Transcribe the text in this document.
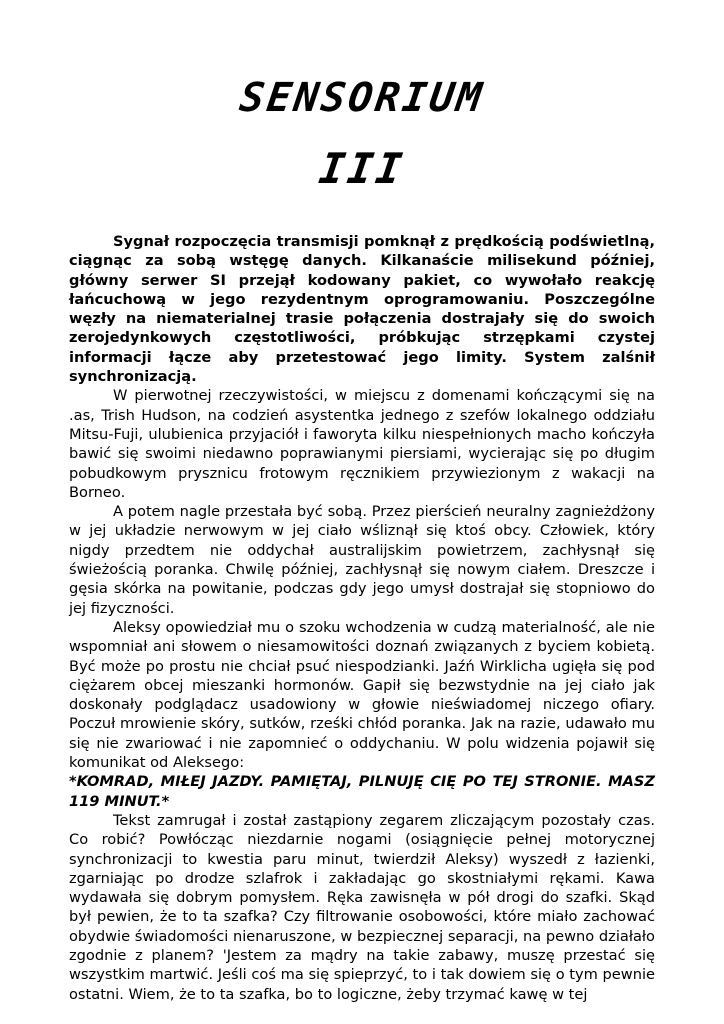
SENSORIUM
III

Sygnał rozpoczęcia transmisji pomknął z prędkością podświetlną, ciągnąc za sobą wstęgę danych. Kilkanaście milisekund później, główny serwer SI przejął kodowany pakiet, co wywołało reakcję łańcuchową w jego rezydentnym oprogramowaniu. Poszczególne węzły na niematerialnej trasie połączenia dostrajały się do swoich zerojedynkowych częstotliwości, próbkując strzępkami czystej informacji łącze aby przetestować jego limity. System zalśnił synchronizacją.

W pierwotnej rzeczywistości, w miejscu z domenami kończącymi się na .as, Trish Hudson, na codzień asystentka jednego z szefów lokalnego oddziału Mitsu-Fuji, ulubienica przyjaciół i faworyta kilku niespełnionych macho kończyła bawić się swoimi niedawno poprawianymi piersiami, wycierając się po długim pobudkowym prysznicu frotowym ręcznikiem przywiezionym z wakacji na Borneo.

A potem nagle przestała być sobą. Przez pierścień neuralny zagnieżdżony w jej układzie nerwowym w jej ciało wśliznął się ktoś obcy. Człowiek, który nigdy przedtem nie oddychał australijskim powietrzem, zachłysnął się świeżością poranka. Chwilę później, zachłysnął się nowym ciałem. Dreszcze i gęsia skórka na powitanie, podczas gdy jego umysł dostrajał się stopniowo do jej fizyczności.

Aleksy opowiedział mu o szoku wchodzenia w cudzą materialność, ale nie wspomniał ani słowem o niesamowitości doznań związanych z byciem kobietą. Być może po prostu nie chciał psuć niespodzianki. Jaźń Wirklicha ugięła się pod ciężarem obcej mieszanki hormonów. Gapił się bezwstydnie na jej ciało jak doskonały podglądacz usadowiony w głowie nieświadomej niczego ofiary. Poczuł mrowienie skóry, sutków, rześki chłód poranka. Jak na razie, udawało mu się nie zwariować i nie zapomnieć o oddychaniu. W polu widzenia pojawił się komunikat od Aleksego:

*KOMRAD, MIŁEJ JAZDY. PAMIĘTAJ, PILNUJĘ CIĘ PO TEJ STRONIE. MASZ 119 MINUT.*

Tekst zamrugał i został zastąpiony zegarem zliczającym pozostały czas. Co robić? Powłócząc niezdarnie nogami (osiągnięcie pełnej motorycznej synchronizacji to kwestia paru minut, twierdził Aleksy) wyszedł z łazienki, zgarniając po drodze szlafrok i zakładając go skostniałymi rękami. Kawa wydawała się dobrym pomysłem. Ręka zawisnęła w pół drogi do szafki. Skąd był pewien, że to ta szafka? Czy filtrowanie osobowości, które miało zachować obydwie świadomości nienaruszone, w bezpiecznej separacji, na pewno działało zgodnie z planem? 'Jestem za mądry na takie zabawy, muszę przestać się wszystkim martwić. Jeśli coś ma się spieprzyć, to i tak dowiem się o tym pewnie ostatni. Wiem, że to ta szafka, bo to logiczne, żeby trzymać kawę w tej
